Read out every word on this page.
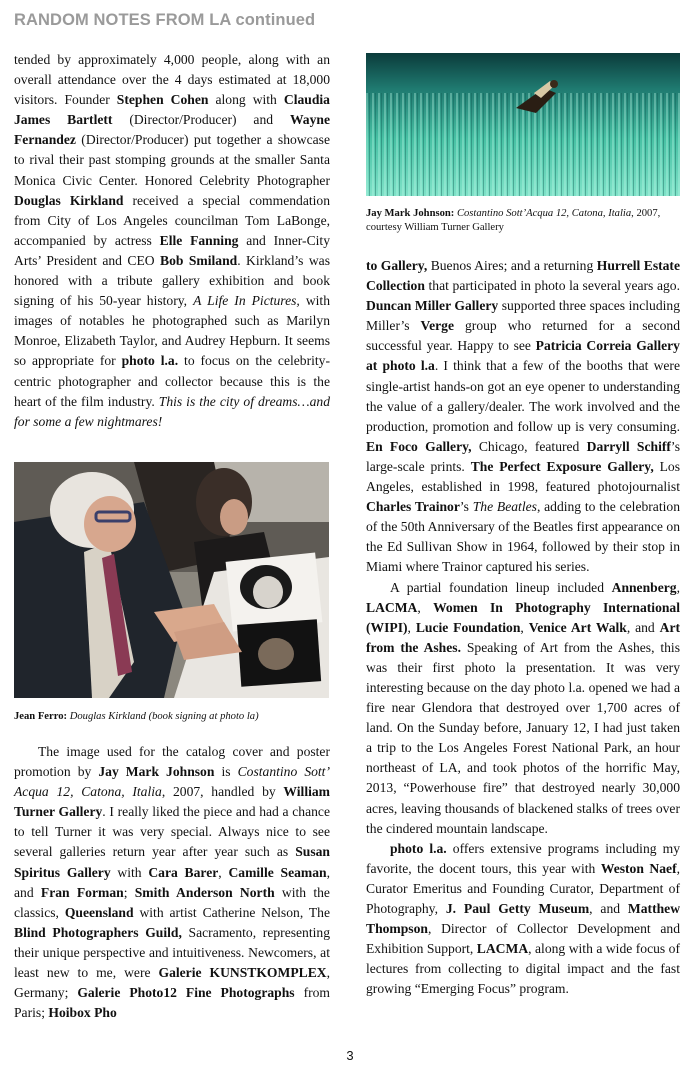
RANDOM NOTES FROM LA continued

tended by approximately 4,000 people, along with an overall attendance over the 4 days estimated at 18,000 visitors. Founder Stephen Cohen along with Claudia James Bartlett (Director/Producer) and Wayne Fernandez (Director/Producer) put together a showcase to rival their past stomping grounds at the smaller Santa Monica Civic Center. Honored Celebrity Photographer Douglas Kirkland received a special commendation from City of Los Angeles councilman Tom LaBonge, accompanied by actress Elle Fanning and Inner-City Arts’ President and CEO Bob Smiland. Kirkland’s was honored with a tribute gallery exhibition and book signing of his 50-year history, A Life In Pictures, with images of notables he photographed such as Marilyn Monroe, Elizabeth Taylor, and Audrey Hepburn. It seems so appropriate for photo l.a. to focus on the celebrity-centric photographer and collector because this is the heart of the film industry. This is the city of dreams…and for some a few nightmares!

Jean Ferro: Douglas Kirkland (book signing at photo la)

The image used for the catalog cover and poster promotion by Jay Mark Johnson is Costantino Sott’ Acqua 12, Catona, Italia, 2007, handled by William Turner Gallery. I really liked the piece and had a chance to tell Turner it was very special. Always nice to see several galleries return year after year such as Susan Spiritus Gallery with Cara Barer, Camille Seaman, and Fran Forman; Smith Anderson North with the classics, Queensland with artist Catherine Nelson, The Blind Photographers Guild, Sacramento, representing their unique perspective and intuitiveness. Newcomers, at least new to me, were Galerie KUNSTKOMPLEX, Germany; Galerie Photo12 Fine Photographs from Paris; Hoibox Pho

Jay Mark Johnson: Costantino Sott’Acqua 12, Catona, Italia, 2007, courtesy William Turner Gallery

to Gallery, Buenos Aires; and a returning Hurrell Estate Collection that participated in photo la several years ago. Duncan Miller Gallery supported three spaces including Miller’s Verge group who returned for a second successful year. Happy to see Patricia Correia Gallery at photo l.a. I think that a few of the booths that were single-artist hands-on got an eye opener to understanding the value of a gallery/dealer. The work involved and the production, promotion and follow up is very consuming. En Foco Gallery, Chicago, featured Darryll Schiff’s large-scale prints. The Perfect Exposure Gallery, Los Angeles, established in 1998, featured photojournalist Charles Trainor’s The Beatles, adding to the celebration of the 50th Anniversary of the Beatles first appearance on the Ed Sullivan Show in 1964, followed by their stop in Miami where Trainor captured his series.

A partial foundation lineup included Annenberg, LACMA, Women In Photography International (WIPI), Lucie Foundation, Venice Art Walk, and Art from the Ashes. Speaking of Art from the Ashes, this was their first photo la presentation. It was very interesting because on the day photo l.a. opened we had a fire near Glendora that destroyed over 1,700 acres of land. On the Sunday before, January 12, I had just taken a trip to the Los Angeles Forest National Park, an hour northeast of LA, and took photos of the horrific May, 2013, “Powerhouse fire” that destroyed nearly 30,000 acres, leaving thousands of blackened stalks of trees over the cindered mountain landscape.

photo l.a. offers extensive programs including my favorite, the docent tours, this year with Weston Naef, Curator Emeritus and Founding Curator, Department of Photography, J. Paul Getty Museum, and Matthew Thompson, Director of Collector Development and Exhibition Support, LACMA, along with a wide focus of lectures from collecting to digital impact and the fast growing “Emerging Focus” program.

3
